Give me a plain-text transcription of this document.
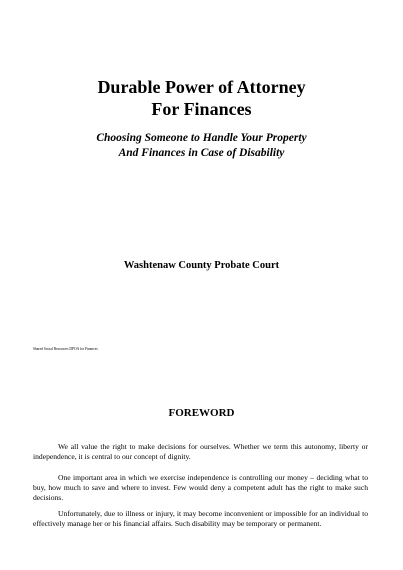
Durable Power of Attorney
For Finances
Choosing Someone to Handle Your Property
And Finances in Case of Disability
Washtenaw County Probate Court
Shared Social Resources DPOA for Finances
FOREWORD

We all value the right to make decisions for ourselves. Whether we term this autonomy, liberty or independence, it is central to our concept of dignity.

One important area in which we exercise independence is controlling our money – deciding what to buy, how much to save and where to invest. Few would deny a competent adult has the right to make such decisions.

Unfortunately, due to illness or injury, it may become inconvenient or impossible for an individual to effectively manage her or his financial affairs. Such disability may be temporary or permanent.
